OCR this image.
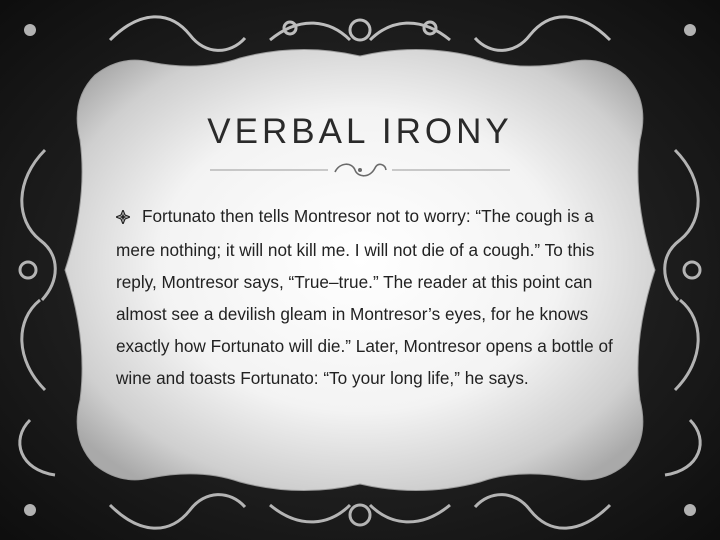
VERBAL IRONY
Fortunato then tells Montresor not to worry: “The cough is a mere nothing; it will not kill me. I will not die of a cough.” To this reply, Montresor says, “True–true.” The reader at this point can almost see a devilish gleam in Montresor’s eyes, for he knows exactly how Fortunato will die.” Later, Montresor opens a bottle of wine and toasts Fortunato: “To your long life,” he says.
